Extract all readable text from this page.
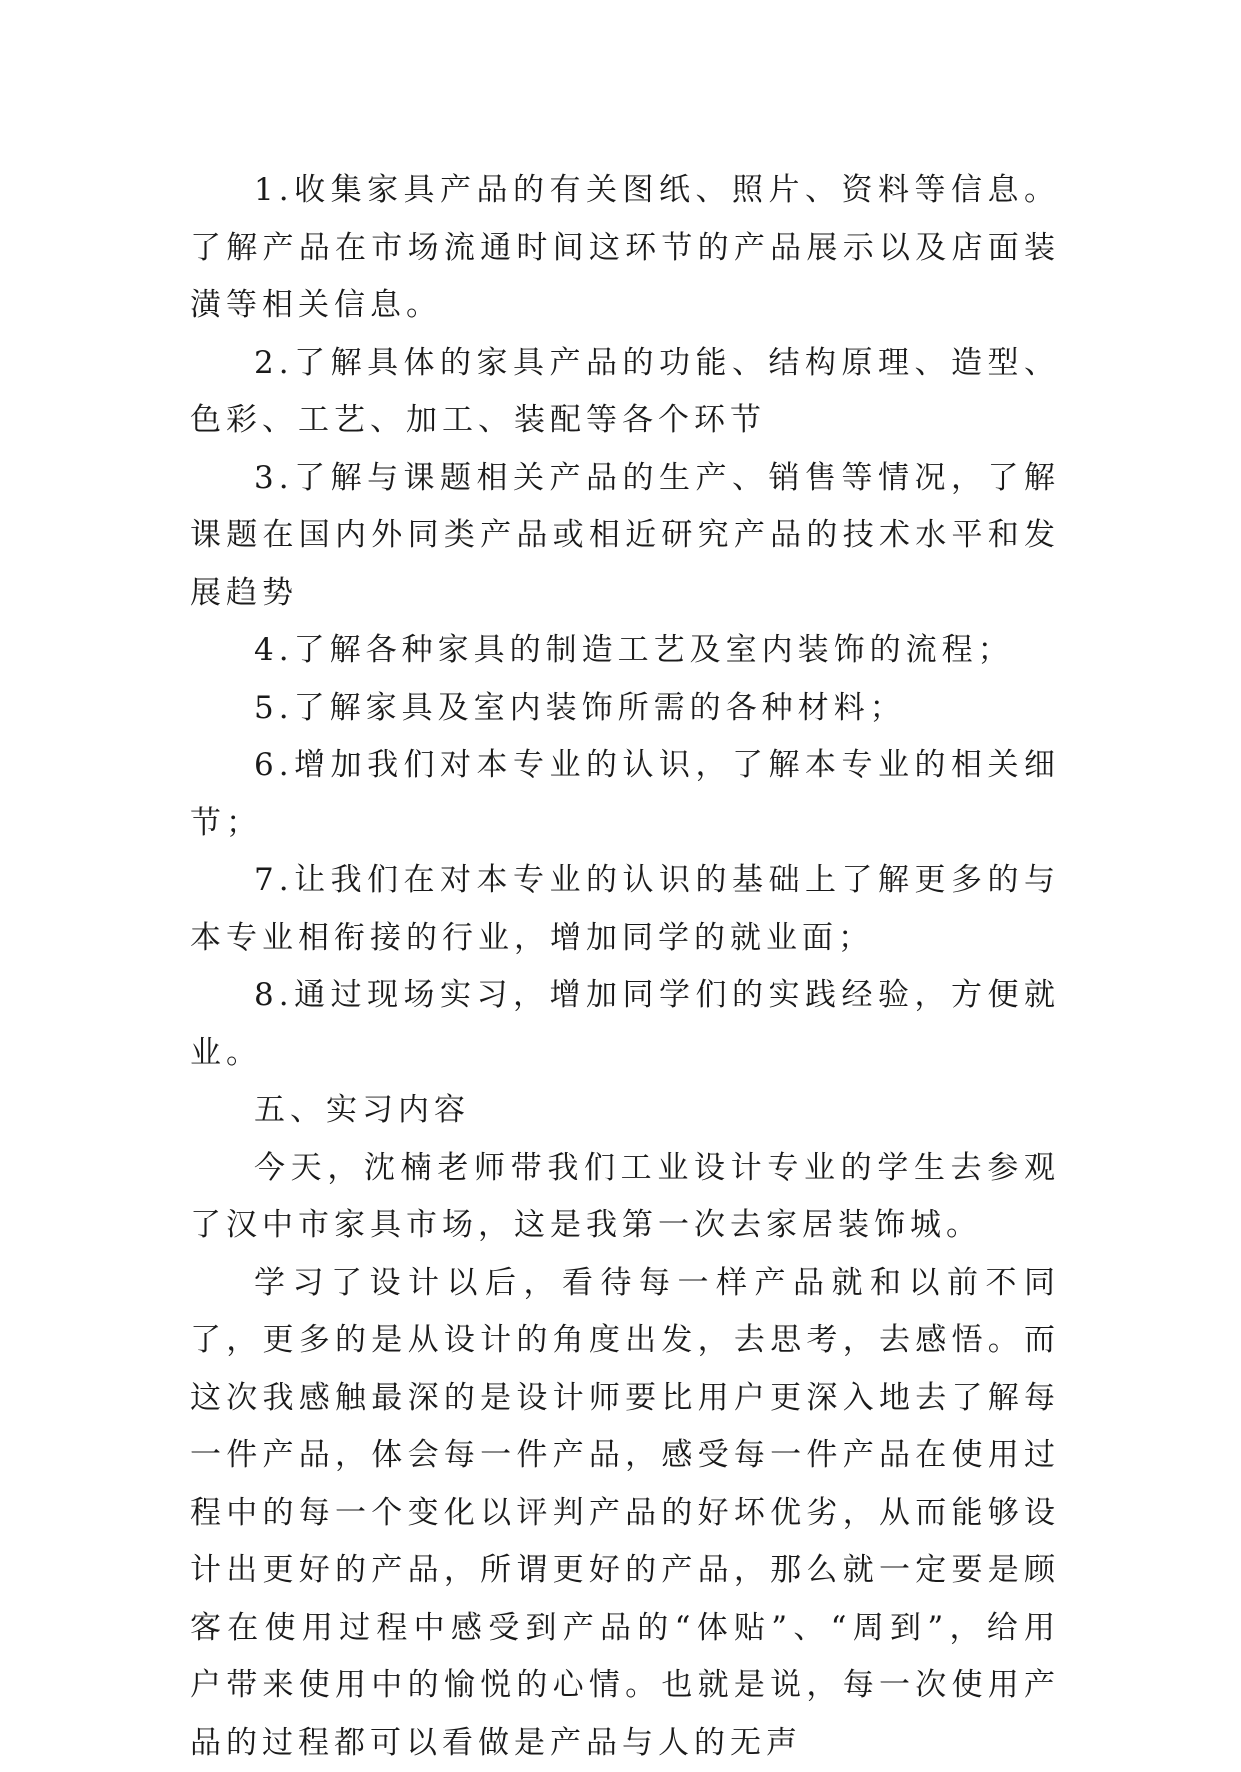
1.收集家具产品的有关图纸、照片、资料等信息。了解产品在市场流通时间这环节的产品展示以及店面装潢等相关信息。

2.了解具体的家具产品的功能、结构原理、造型、色彩、工艺、加工、装配等各个环节

3.了解与课题相关产品的生产、销售等情况，了解课题在国内外同类产品或相近研究产品的技术水平和发展趋势

4.了解各种家具的制造工艺及室内装饰的流程；

5.了解家具及室内装饰所需的各种材料；

6.增加我们对本专业的认识，了解本专业的相关细节；

7.让我们在对本专业的认识的基础上了解更多的与本专业相衔接的行业，增加同学的就业面；

8.通过现场实习，增加同学们的实践经验，方便就业。

五、实习内容

今天，沈楠老师带我们工业设计专业的学生去参观了汉中市家具市场，这是我第一次去家居装饰城。

学习了设计以后，看待每一样产品就和以前不同了，更多的是从设计的角度出发，去思考，去感悟。而这次我感触最深的是设计师要比用户更深入地去了解每一件产品，体会每一件产品，感受每一件产品在使用过程中的每一个变化以评判产品的好坏优劣，从而能够设计出更好的产品，所谓更好的产品，那么就一定要是顾客在使用过程中感受到产品的“体贴”、“周到”，给用户带来使用中的愉悦的心情。也就是说，每一次使用产品的过程都可以看做是产品与人的无声
